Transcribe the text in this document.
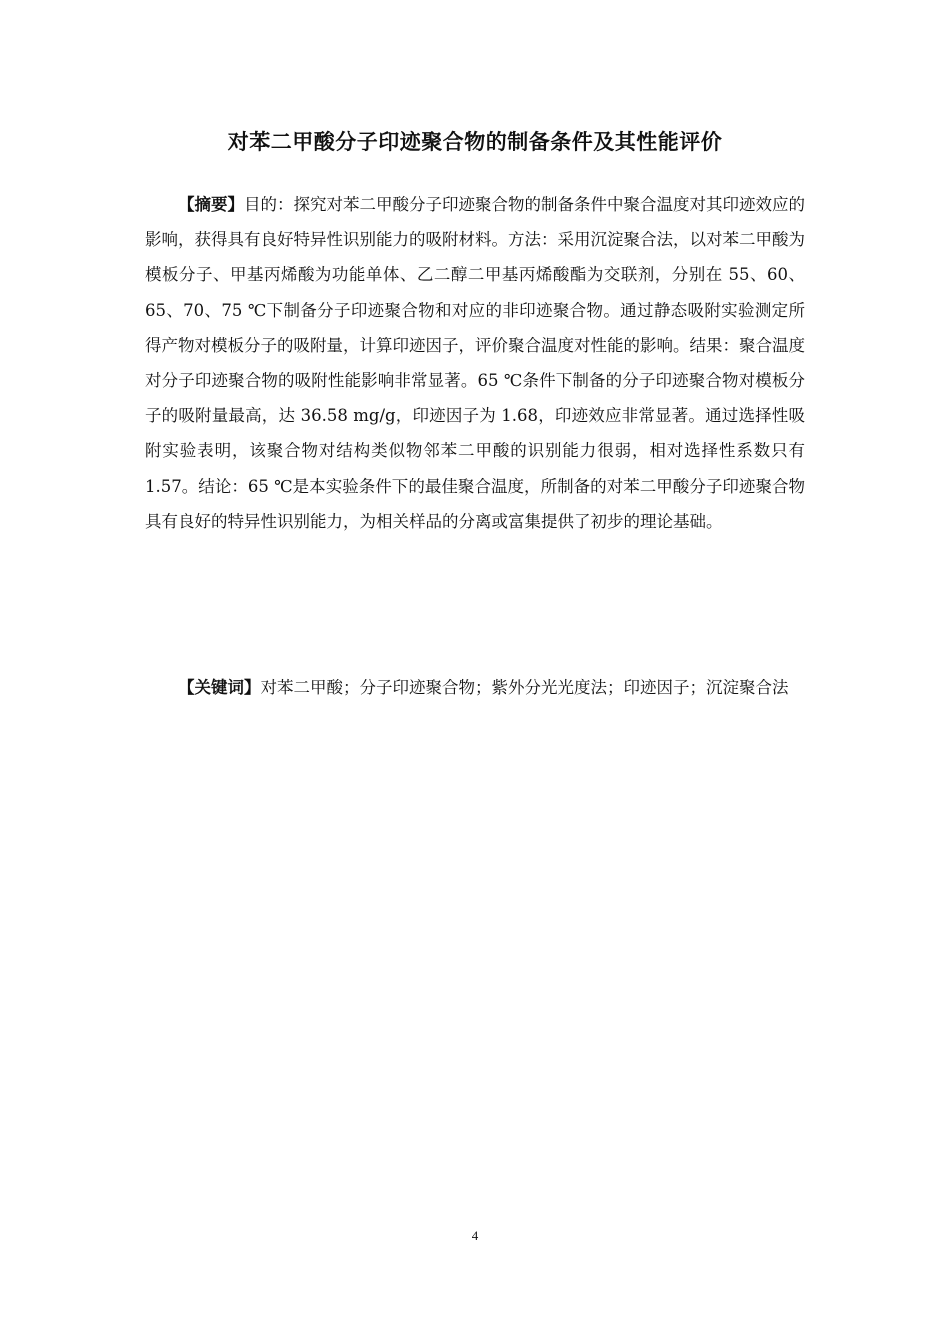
对苯二甲酸分子印迹聚合物的制备条件及其性能评价

【摘要】目的：探究对苯二甲酸分子印迹聚合物的制备条件中聚合温度对其印迹效应的影响，获得具有良好特异性识别能力的吸附材料。方法：采用沉淀聚合法，以对苯二甲酸为模板分子、甲基丙烯酸为功能单体、乙二醇二甲基丙烯酸酯为交联剂，分别在 55、60、65、70、75 ℃下制备分子印迹聚合物和对应的非印迹聚合物。通过静态吸附实验测定所得产物对模板分子的吸附量，计算印迹因子，评价聚合温度对性能的影响。结果：聚合温度对分子印迹聚合物的吸附性能影响非常显著。65 ℃条件下制备的分子印迹聚合物对模板分子的吸附量最高，达 36.58 mg/g，印迹因子为 1.68，印迹效应非常显著。通过选择性吸附实验表明，该聚合物对结构类似物邻苯二甲酸的识别能力很弱，相对选择性系数只有 1.57。结论：65 ℃是本实验条件下的最佳聚合温度，所制备的对苯二甲酸分子印迹聚合物具有良好的特异性识别能力，为相关样品的分离或富集提供了初步的理论基础。

【关键词】对苯二甲酸；分子印迹聚合物；紫外分光光度法；印迹因子；沉淀聚合法

4
